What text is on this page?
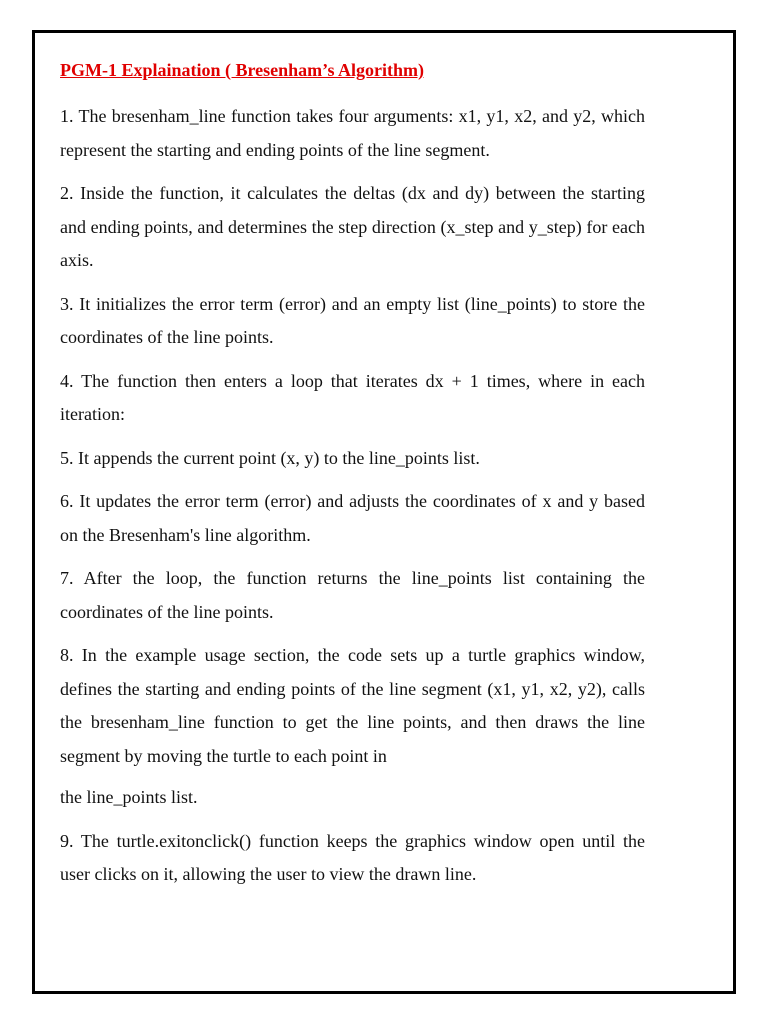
PGM-1 Explaination ( Bresenham’s Algorithm)

1. The bresenham_line function takes four arguments: x1, y1, x2, and y2, which represent the starting and ending points of the line segment.

2. Inside the function, it calculates the deltas (dx and dy) between the starting and ending points, and determines the step direction (x_step and y_step) for each axis.

3. It initializes the error term (error) and an empty list (line_points) to store the coordinates of the line points.

4. The function then enters a loop that iterates dx + 1 times, where in each iteration:

5. It appends the current point (x, y) to the line_points list.

6. It updates the error term (error) and adjusts the coordinates of x and y based on the Bresenham's line algorithm.

7. After the loop, the function returns the line_points list containing the coordinates of the line points.

8. In the example usage section, the code sets up a turtle graphics window, defines the starting and ending points of the line segment (x1, y1, x2, y2), calls the bresenham_line function to get the line points, and then draws the line segment by moving the turtle to each point in

the line_points list.

9. The turtle.exitonclick() function keeps the graphics window open until the user clicks on it, allowing the user to view the drawn line.
